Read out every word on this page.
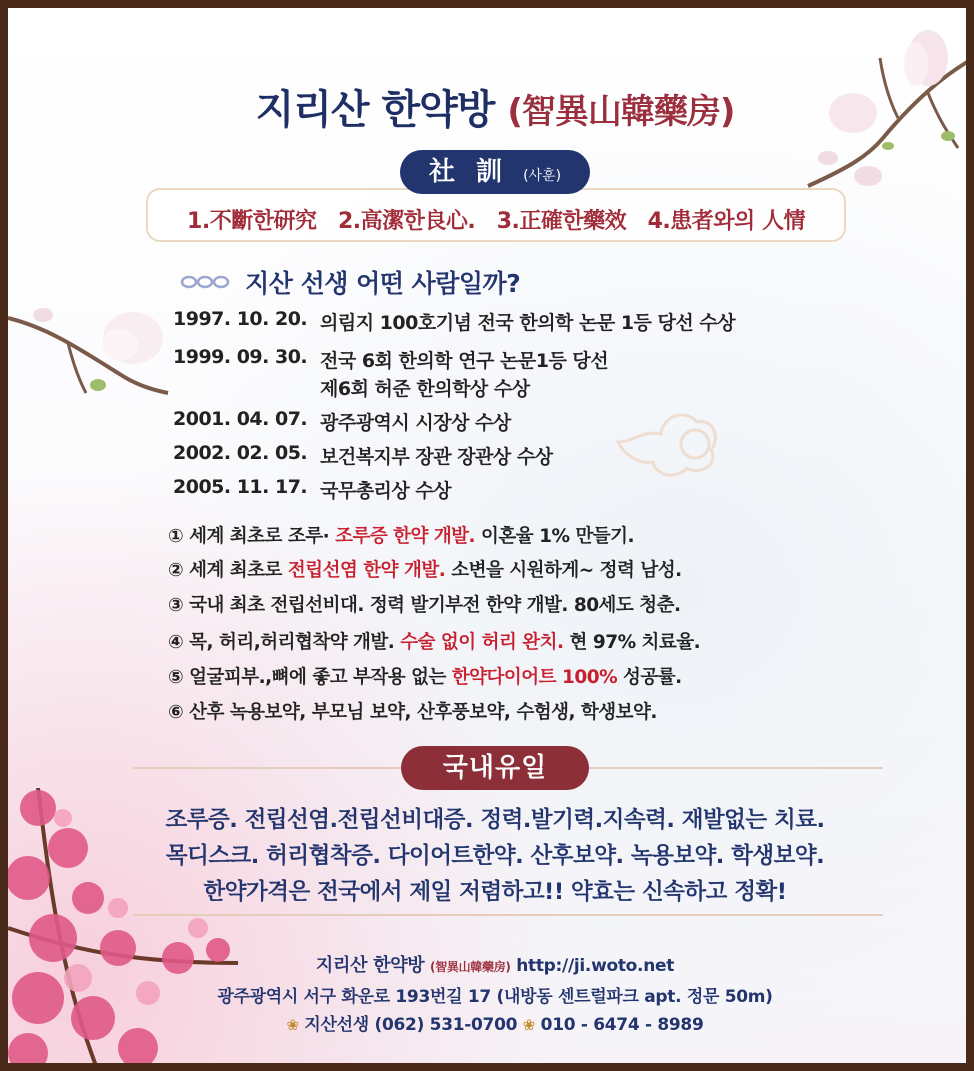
지리산 한약방 (智異山韓藥房)
社 訓 (사훈)
1.不斷한研究 2.高潔한良心. 3.正確한藥效 4.患者와의 人情
지산 선생 어떤 사람일까?
1997. 10. 20. 의림지 100호기념 전국 한의학 논문 1등 당선 수상
1999. 09. 30. 전국 6회 한의학 연구 논문1등 당선
제6회 허준 한의학상 수상
2001. 04. 07. 광주광역시 시장상 수상
2002. 02. 05. 보건복지부 장관 장관상 수상
2005. 11. 17. 국무총리상 수상
① 세계 최초로 조루· 조루증 한약 개발. 이혼율 1% 만들기.
② 세계 최초로 전립선염 한약 개발. 소변을 시원하게~ 정력 남성.
③ 국내 최초 전립선비대. 정력 발기부전 한약 개발. 80세도 청춘.
④ 목, 허리,허리협착약 개발. 수술 없이 허리 완치. 현 97% 치료율.
⑤ 얼굴피부.,뼈에 좋고 부작용 없는 한약다이어트 100% 성공률.
⑥ 산후 녹용보약, 부모님 보약, 산후풍보약, 수험생, 학생보약.
국내유일
조루증. 전립선염.전립선비대증. 정력.발기력.지속력. 재발없는 치료.
목디스크. 허리협착증. 다이어트한약. 산후보약. 녹용보약. 학생보약.
한약가격은 전국에서 제일 저렴하고!! 약효는 신속하고 정확!
지리산 한약방 (智異山韓藥房) http://ji.woto.net
광주광역시 서구 화운로 193번길 17 (내방동 센트럴파크 apt. 정문 50m)
❀ 지산선생 (062) 531-0700 ❀ 010 - 6474 - 8989
